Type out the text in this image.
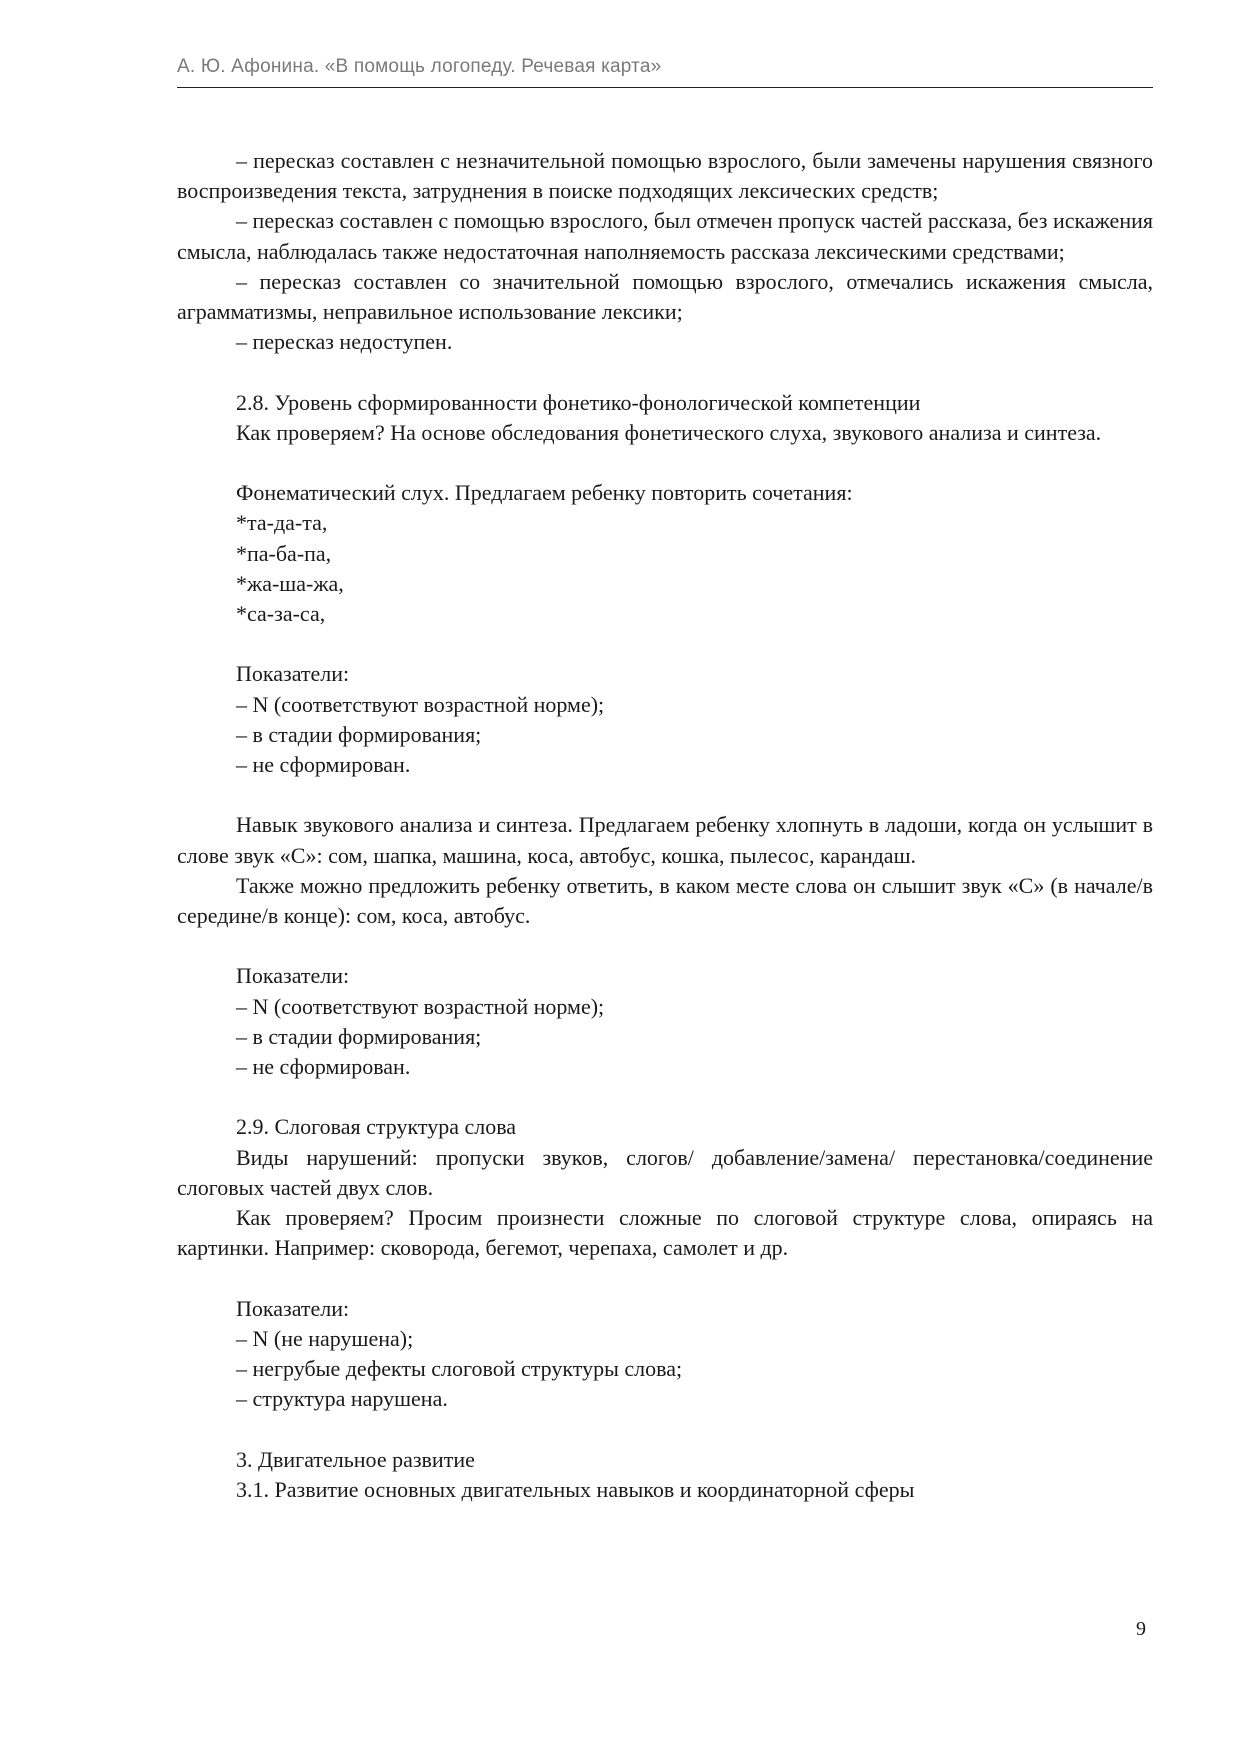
А. Ю. Афонина. «В помощь логопеду. Речевая карта»

– пересказ составлен с незначительной помощью взрослого, были замечены нарушения связного воспроизведения текста, затруднения в поиске подходящих лексических средств;

– пересказ составлен с помощью взрослого, был отмечен пропуск частей рассказа, без искажения смысла, наблюдалась также недостаточная наполняемость рассказа лексическими средствами;

– пересказ составлен со значительной помощью взрослого, отмечались искажения смысла, аграмматизмы, неправильное использование лексики;

– пересказ недоступен.

2.8. Уровень сформированности фонетико-фонологической компетенции

Как проверяем? На основе обследования фонетического слуха, звукового анализа и синтеза.

Фонематический слух. Предлагаем ребенку повторить сочетания:

*та-да-та,

*па-ба-па,

*жа-ша-жа,

*са-за-са,

Показатели:

– N (соответствуют возрастной норме);

– в стадии формирования;

– не сформирован.

Навык звукового анализа и синтеза. Предлагаем ребенку хлопнуть в ладоши, когда он услышит в слове звук «С»: сом, шапка, машина, коса, автобус, кошка, пылесос, карандаш.

Также можно предложить ребенку ответить, в каком месте слова он слышит звук «С» (в начале/в середине/в конце): сом, коса, автобус.

Показатели:

– N (соответствуют возрастной норме);

– в стадии формирования;

– не сформирован.

2.9. Слоговая структура слова

Виды нарушений: пропуски звуков, слогов/ добавление/замена/ перестановка/соединение слоговых частей двух слов.

Как проверяем? Просим произнести сложные по слоговой структуре слова, опираясь на картинки. Например: сковорода, бегемот, черепаха, самолет и др.

Показатели:

– N (не нарушена);

– негрубые дефекты слоговой структуры слова;

– структура нарушена.

3. Двигательное развитие

3.1. Развитие основных двигательных навыков и координаторной сферы

9
